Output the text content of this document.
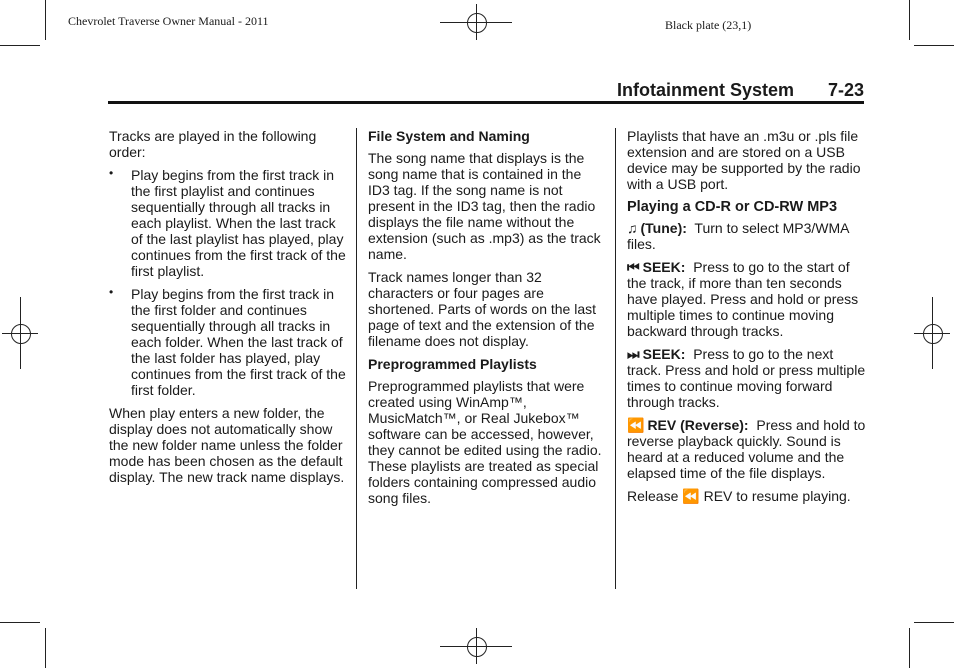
Chevrolet Traverse Owner Manual - 2011	Black plate (23,1)
Infotainment System 7-23

Tracks are played in the following order:

• Play begins from the first track in the first playlist and continues sequentially through all tracks in each playlist. When the last track of the last playlist has played, play continues from the first track of the first playlist.
• Play begins from the first track in the first folder and continues sequentially through all tracks in each folder. When the last track of the last folder has played, play continues from the first track of the first folder.

When play enters a new folder, the display does not automatically show the new folder name unless the folder mode has been chosen as the default display. The new track name displays.

File System and Naming

The song name that displays is the song name that is contained in the ID3 tag. If the song name is not present in the ID3 tag, then the radio displays the file name without the extension (such as .mp3) as the track name.

Track names longer than 32 characters or four pages are shortened. Parts of words on the last page of text and the extension of the filename does not display.

Preprogrammed Playlists

Preprogrammed playlists that were created using WinAmp™, MusicMatch™, or Real Jukebox™ software can be accessed, however, they cannot be edited using the radio. These playlists are treated as special folders containing compressed audio song files.

Playlists that have an .m3u or .pls file extension and are stored on a USB device may be supported by the radio with a USB port.

Playing a CD-R or CD-RW MP3

♫ (Tune): Turn to select MP3/WMA files.

⏮ SEEK: Press to go to the start of the track, if more than ten seconds have played. Press and hold or press multiple times to continue moving backward through tracks.

⏭ SEEK: Press to go to the next track. Press and hold or press multiple times to continue moving forward through tracks.

⏪ REV (Reverse): Press and hold to reverse playback quickly. Sound is heard at a reduced volume and the elapsed time of the file displays.

Release ⏪ REV to resume playing.
